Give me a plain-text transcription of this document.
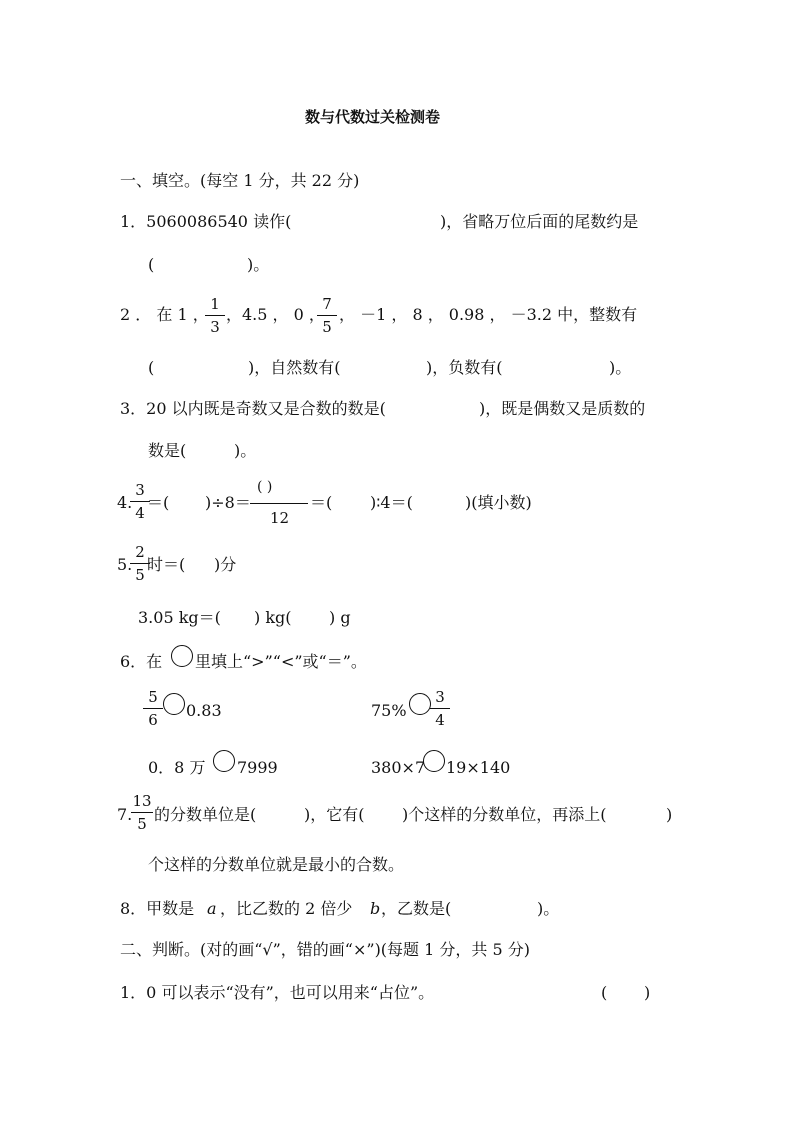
数与代数过关检测卷
一、填空。(每空 1 分，共 22 分)
1．5060086540 读作(	)，省略万位后面的尾数约是
(	)。
2 ． 在 1 ，
1
3
，4.5 ， 0 ，
7
5
， －1 ， 8 ， 0.98 ， －3.2 中，整数有
(	)，自然数有(	)，负数有(	)。
3．20 以内既是奇数又是合数的数是(	)，既是偶数又是质数的
数是(	)。
4.
3
4
＝( )÷8＝
( )
12
＝( )∶4＝(	)(填小数)
5.
2
5
时＝( )分
3.05 kg＝( ) kg( ) g
6．在 里填上“>”“<”或“＝”。
5
6	0.83	75%
3
4
0．8 万 7999	380×7 19×140
7.
13
5 的分数单位是(	)，它有( )个这样的分数单位，再添上(	)
个这样的分数单位就是最小的合数。
8．甲数是 a ，比乙数的 2 倍少 b ，乙数是(	)。
二、判断。(对的画“√”，错的画“×”)(每题 1 分，共 5 分)
1．0 可以表示“没有”，也可以用来“占位”。	( )
